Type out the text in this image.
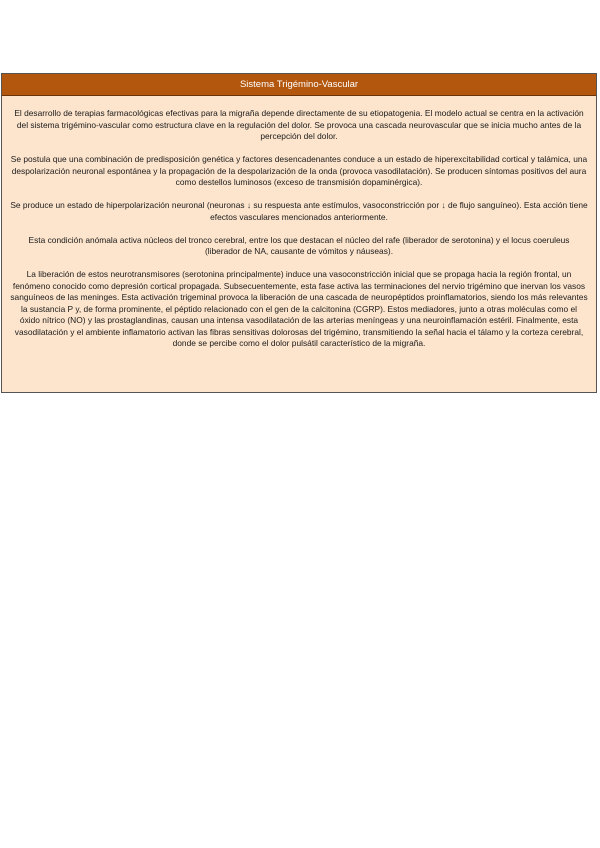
Sistema Trigémino-Vascular

El desarrollo de terapias farmacológicas efectivas para la migraña depende directamente de su etiopatogenia. El modelo actual se centra en la activación del sistema trigémino-vascular como estructura clave en la regulación del dolor. Se provoca una cascada neurovascular que se inicia mucho antes de la percepción del dolor.

Se postula que una combinación de predisposición genética y factores desencadenantes conduce a un estado de hiperexcitabilidad cortical y talámica, una despolarización neuronal espontánea y la propagación de la despolarización de la onda (provoca vasodilatación). Se producen síntomas positivos del aura como destellos luminosos (exceso de transmisión dopaminérgica).

Se produce un estado de hiperpolarización neuronal (neuronas ↓ su respuesta ante estímulos, vasoconstricción por ↓ de flujo sanguíneo). Esta acción tiene efectos vasculares mencionados anteriormente.

Esta condición anómala activa núcleos del tronco cerebral, entre los que destacan el núcleo del rafe (liberador de serotonina) y el locus coeruleus (liberador de NA, causante de vómitos y náuseas).

La liberación de estos neurotransmisores (serotonina principalmente) induce una vasoconstricción inicial que se propaga hacia la región frontal, un fenómeno conocido como depresión cortical propagada. Subsecuentemente, esta fase activa las terminaciones del nervio trigémino que inervan los vasos sanguíneos de las meninges. Esta activación trigeminal provoca la liberación de una cascada de neuropéptidos proinflamatorios, siendo los más relevantes la sustancia P y, de forma prominente, el péptido relacionado con el gen de la calcitonina (CGRP). Estos mediadores, junto a otras moléculas como el óxido nítrico (NO) y las prostaglandinas, causan una intensa vasodilatación de las arterias meníngeas y una neuroinflamación estéril. Finalmente, esta vasodilatación y el ambiente inflamatorio activan las fibras sensitivas dolorosas del trigémino, transmitiendo la señal hacia el tálamo y la corteza cerebral, donde se percibe como el dolor pulsátil característico de la migraña.
